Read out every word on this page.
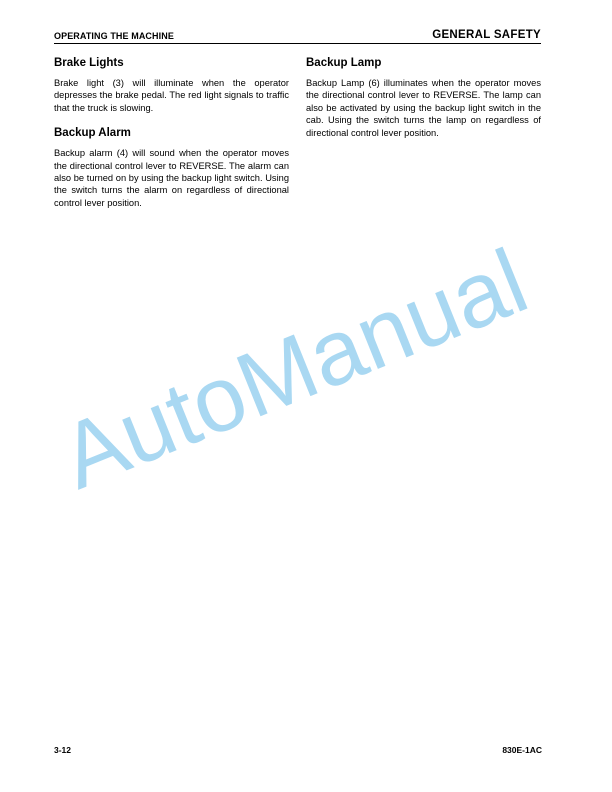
OPERATING THE MACHINE	GENERAL SAFETY
Brake Lights

Brake light (3) will illuminate when the operator depresses the brake pedal. The red light signals to traffic that the truck is slowing.

Backup Alarm

Backup alarm (4) will sound when the operator moves the directional control lever to REVERSE. The alarm can also be turned on by using the backup light switch. Using the switch turns the alarm on regardless of directional control lever position.

Backup Lamp

Backup Lamp (6) illuminates when the operator moves the directional control lever to REVERSE. The lamp can also be activated by using the backup light switch in the cab. Using the switch turns the lamp on regardless of directional control lever position.

AutoManual
3-12	830E-1AC
